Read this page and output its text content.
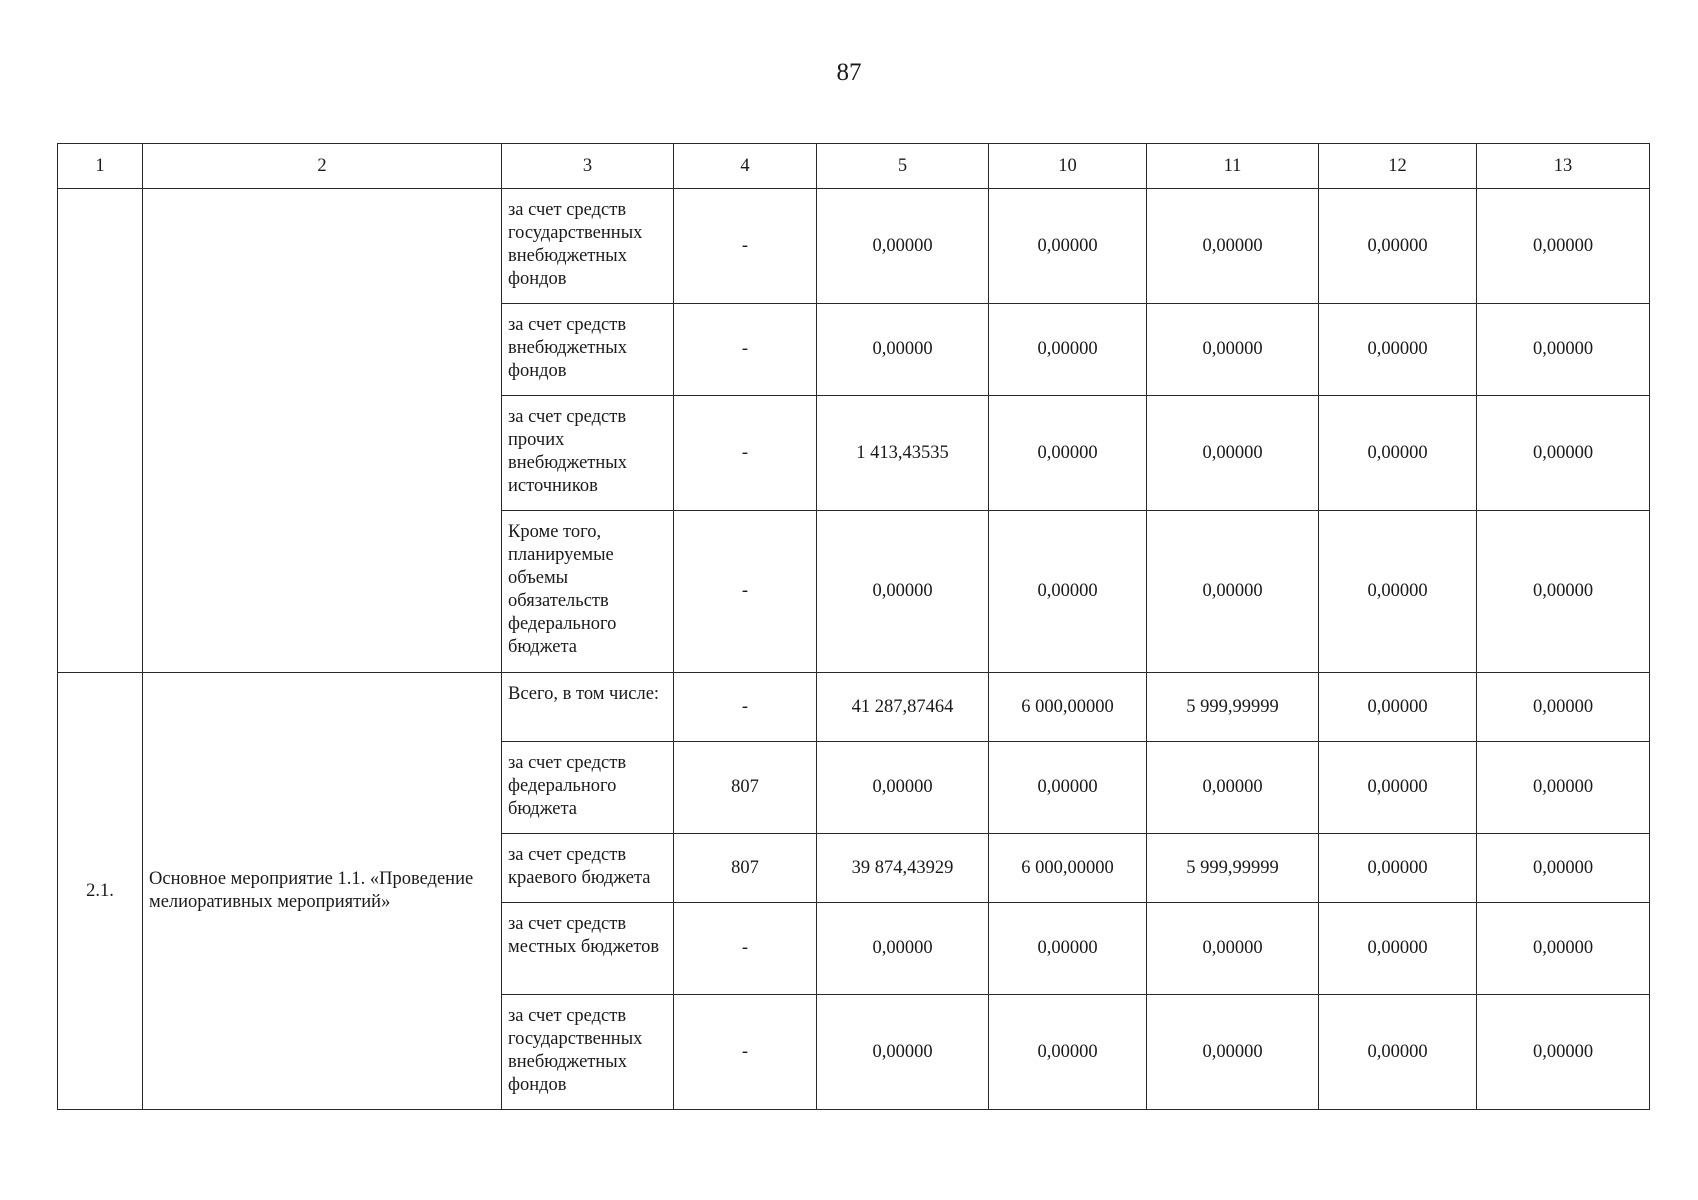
87
1	2	3	4	5	10	11	12	13
		за счет средств государственных внебюджетных фондов	-	0,00000	0,00000	0,00000	0,00000	0,00000
		за счет средств внебюджетных фондов	-	0,00000	0,00000	0,00000	0,00000	0,00000
		за счет средств прочих внебюджетных источников	-	1 413,43535	0,00000	0,00000	0,00000	0,00000
		Кроме того, планируемые объемы обязательств федерального бюджета	-	0,00000	0,00000	0,00000	0,00000	0,00000
2.1.	Основное мероприятие 1.1. «Проведение мелиоративных мероприятий»	Всего, в том числе:	-	41 287,87464	6 000,00000	5 999,99999	0,00000	0,00000
		за счет средств федерального бюджета	807	0,00000	0,00000	0,00000	0,00000	0,00000
		за счет средств краевого бюджета	807	39 874,43929	6 000,00000	5 999,99999	0,00000	0,00000
		за счет средств местных бюджетов	-	0,00000	0,00000	0,00000	0,00000	0,00000
		за счет средств государственных внебюджетных фондов	-	0,00000	0,00000	0,00000	0,00000	0,00000
